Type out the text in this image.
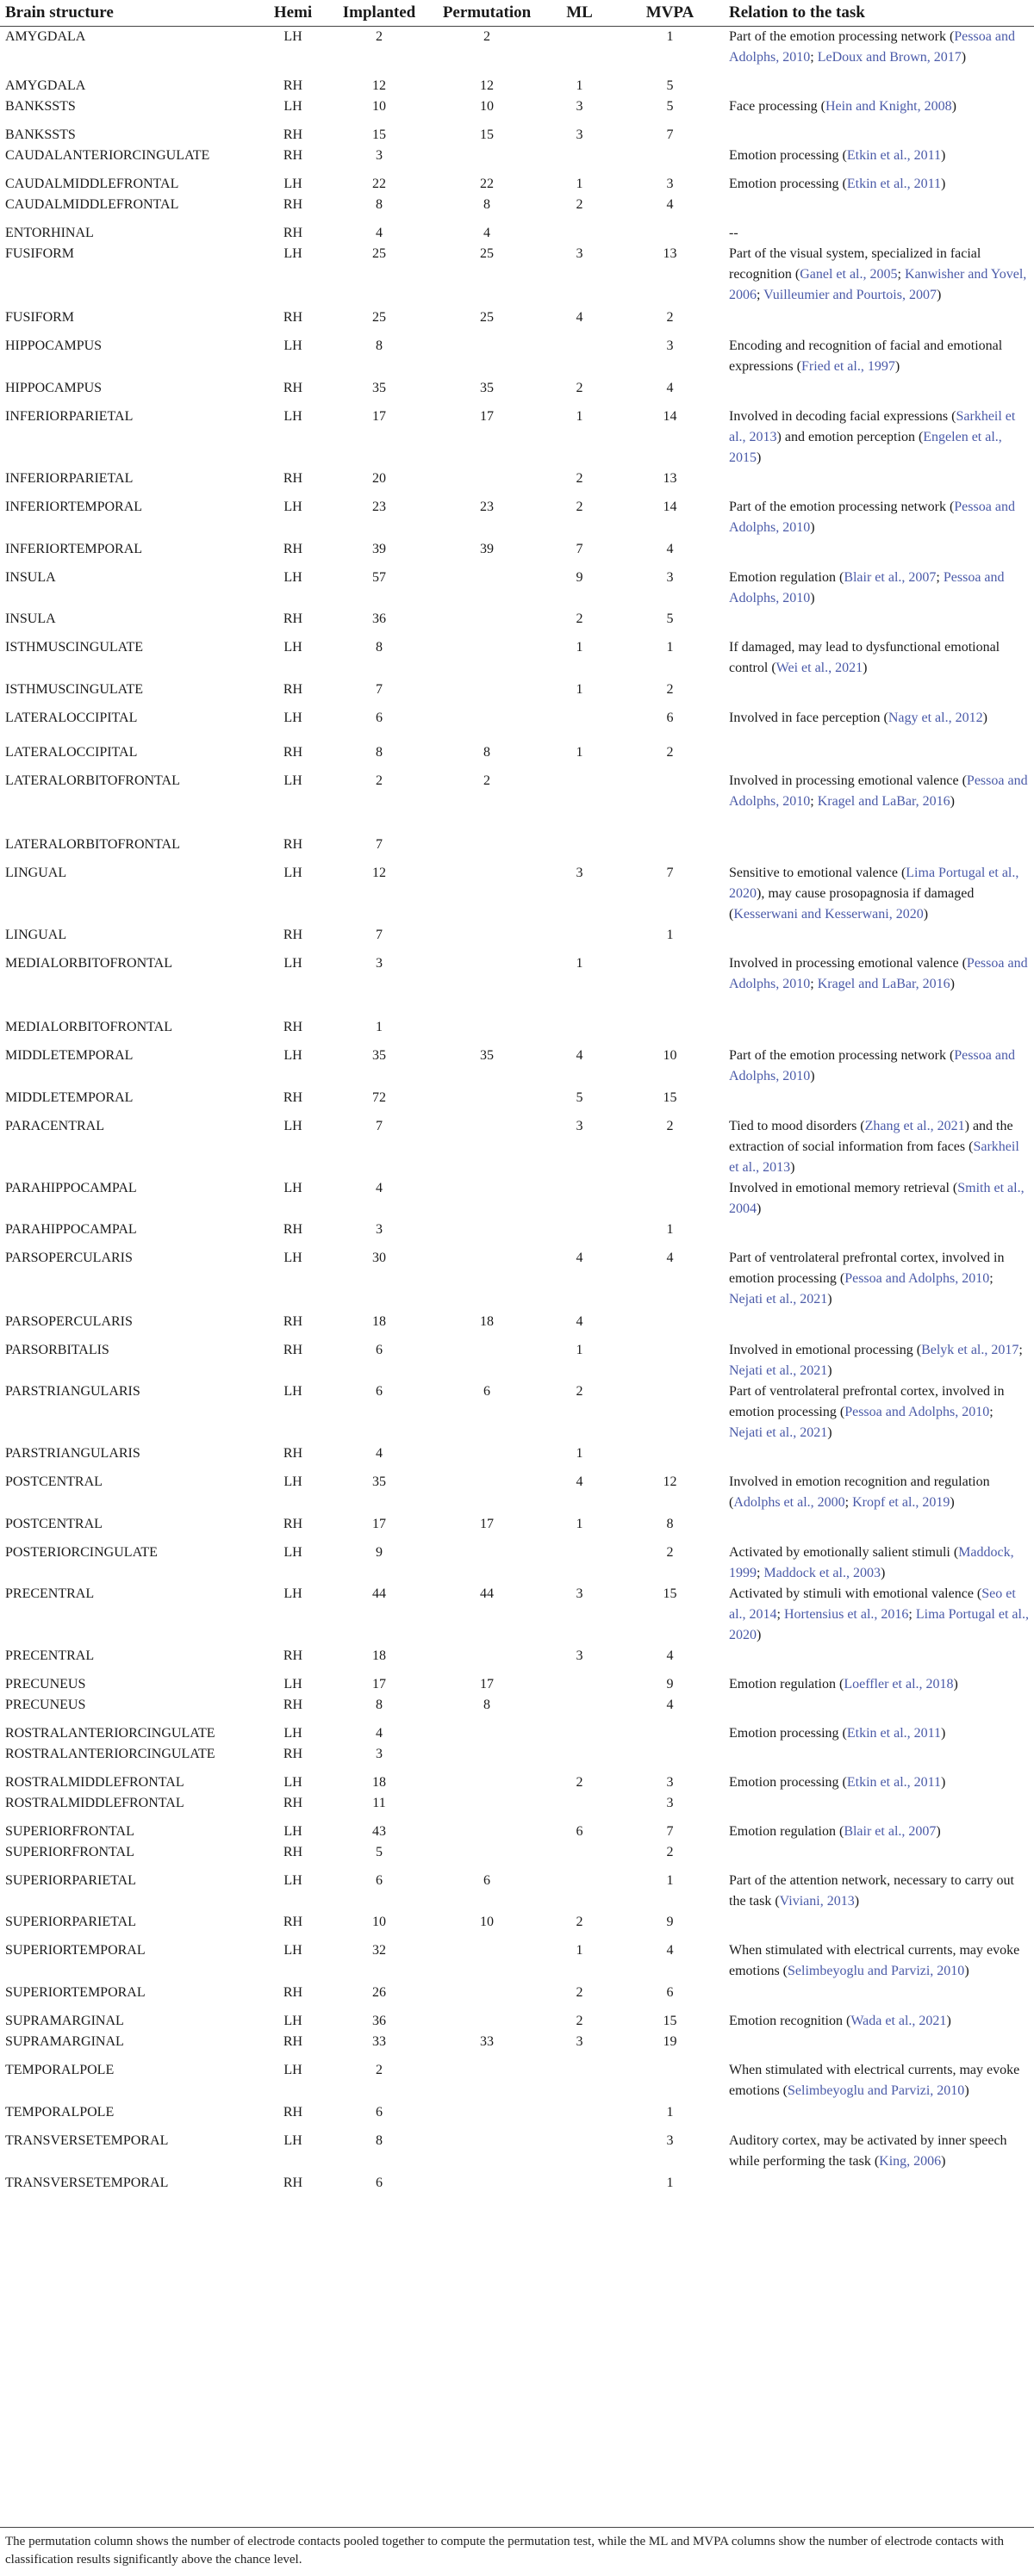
Brain structure	Hemi	Implanted	Permutation	ML	MVPA	Relation to the task
AMYGDALA	LH	2	2		1	Part of the emotion processing network (Pessoa and Adolphs, 2010; LeDoux and Brown, 2017)
AMYGDALA	RH	12	12	1	5	
BANKSSTS	LH	10	10	3	5	Face processing (Hein and Knight, 2008)
BANKSSTS	RH	15	15	3	7	
CAUDALANTERIORCINGULATE	RH	3				Emotion processing (Etkin et al., 2011)
CAUDALMIDDLEFRONTAL	LH	22	22	1	3	Emotion processing (Etkin et al., 2011)
CAUDALMIDDLEFRONTAL	RH	8	8	2	4	
ENTORHINAL	RH	4	4			--
FUSIFORM	LH	25	25	3	13	Part of the visual system, specialized in facial recognition (Ganel et al., 2005; Kanwisher and Yovel, 2006; Vuilleumier and Pourtois, 2007)
FUSIFORM	RH	25	25	4	2	
HIPPOCAMPUS	LH	8			3	Encoding and recognition of facial and emotional expressions (Fried et al., 1997)
HIPPOCAMPUS	RH	35	35	2	4	
INFERIORPARIETAL	LH	17	17	1	14	Involved in decoding facial expressions (Sarkheil et al., 2013) and emotion perception (Engelen et al., 2015)
INFERIORPARIETAL	RH	20		2	13	
INFERIORTEMPORAL	LH	23	23	2	14	Part of the emotion processing network (Pessoa and Adolphs, 2010)
INFERIORTEMPORAL	RH	39	39	7	4	
INSULA	LH	57		9	3	Emotion regulation (Blair et al., 2007; Pessoa and Adolphs, 2010)
INSULA	RH	36		2	5	
ISTHMUSCINGULATE	LH	8		1	1	If damaged, may lead to dysfunctional emotional control (Wei et al., 2021)
ISTHMUSCINGULATE	RH	7		1	2	
LATERALOCCIPITAL	LH	6			6	Involved in face perception (Nagy et al., 2012)
LATERALOCCIPITAL	RH	8	8	1	2	
LATERALORBITOFRONTAL	LH	2	2			Involved in processing emotional valence (Pessoa and Adolphs, 2010; Kragel and LaBar, 2016)
LATERALORBITOFRONTAL	RH	7				
LINGUAL	LH	12		3	7	Sensitive to emotional valence (Lima Portugal et al., 2020), may cause prosopagnosia if damaged (Kesserwani and Kesserwani, 2020)
LINGUAL	RH	7			1	
MEDIALORBITOFRONTAL	LH	3		1		Involved in processing emotional valence (Pessoa and Adolphs, 2010; Kragel and LaBar, 2016)
MEDIALORBITOFRONTAL	RH	1				
MIDDLETEMPORAL	LH	35	35	4	10	Part of the emotion processing network (Pessoa and Adolphs, 2010)
MIDDLETEMPORAL	RH	72		5	15	
PARACENTRAL	LH	7		3	2	Tied to mood disorders (Zhang et al., 2021) and the extraction of social information from faces (Sarkheil et al., 2013)
PARAHIPPOCAMPAL	LH	4				Involved in emotional memory retrieval (Smith et al., 2004)
PARAHIPPOCAMPAL	RH	3			1	
PARSOPERCULARIS	LH	30		4	4	Part of ventrolateral prefrontal cortex, involved in emotion processing (Pessoa and Adolphs, 2010; Nejati et al., 2021)
PARSOPERCULARIS	RH	18	18	4		
PARSORBITALIS	RH	6		1		Involved in emotional processing (Belyk et al., 2017; Nejati et al., 2021)
PARSTRIANGULARIS	LH	6	6	2		Part of ventrolateral prefrontal cortex, involved in emotion processing (Pessoa and Adolphs, 2010; Nejati et al., 2021)
PARSTRIANGULARIS	RH	4		1		
POSTCENTRAL	LH	35		4	12	Involved in emotion recognition and regulation (Adolphs et al., 2000; Kropf et al., 2019)
POSTCENTRAL	RH	17	17	1	8	
POSTERIORCINGULATE	LH	9			2	Activated by emotionally salient stimuli (Maddock, 1999; Maddock et al., 2003)
PRECENTRAL	LH	44	44	3	15	Activated by stimuli with emotional valence (Seo et al., 2014; Hortensius et al., 2016; Lima Portugal et al., 2020)
PRECENTRAL	RH	18		3	4	
PRECUNEUS	LH	17	17		9	Emotion regulation (Loeffler et al., 2018)
PRECUNEUS	RH	8	8		4	
ROSTRALANTERIORCINGULATE	LH	4				Emotion processing (Etkin et al., 2011)
ROSTRALANTERIORCINGULATE	RH	3				
ROSTRALMIDDLEFRONTAL	LH	18		2	3	Emotion processing (Etkin et al., 2011)
ROSTRALMIDDLEFRONTAL	RH	11			3	
SUPERIORFRONTAL	LH	43		6	7	Emotion regulation (Blair et al., 2007)
SUPERIORFRONTAL	RH	5			2	
SUPERIORPARIETAL	LH	6	6		1	Part of the attention network, necessary to carry out the task (Viviani, 2013)
SUPERIORPARIETAL	RH	10	10	2	9	
SUPERIORTEMPORAL	LH	32		1	4	When stimulated with electrical currents, may evoke emotions (Selimbeyoglu and Parvizi, 2010)
SUPERIORTEMPORAL	RH	26		2	6	
SUPRAMARGINAL	LH	36		2	15	Emotion recognition (Wada et al., 2021)
SUPRAMARGINAL	RH	33	33	3	19	
TEMPORALPOLE	LH	2				When stimulated with electrical currents, may evoke emotions (Selimbeyoglu and Parvizi, 2010)
TEMPORALPOLE	RH	6			1	
TRANSVERSETEMPORAL	LH	8			3	Auditory cortex, may be activated by inner speech while performing the task (King, 2006)
TRANSVERSETEMPORAL	RH	6			1	
The permutation column shows the number of electrode contacts pooled together to compute the permutation test, while the ML and MVPA columns show the number of electrode contacts with classification results significantly above the chance level.
